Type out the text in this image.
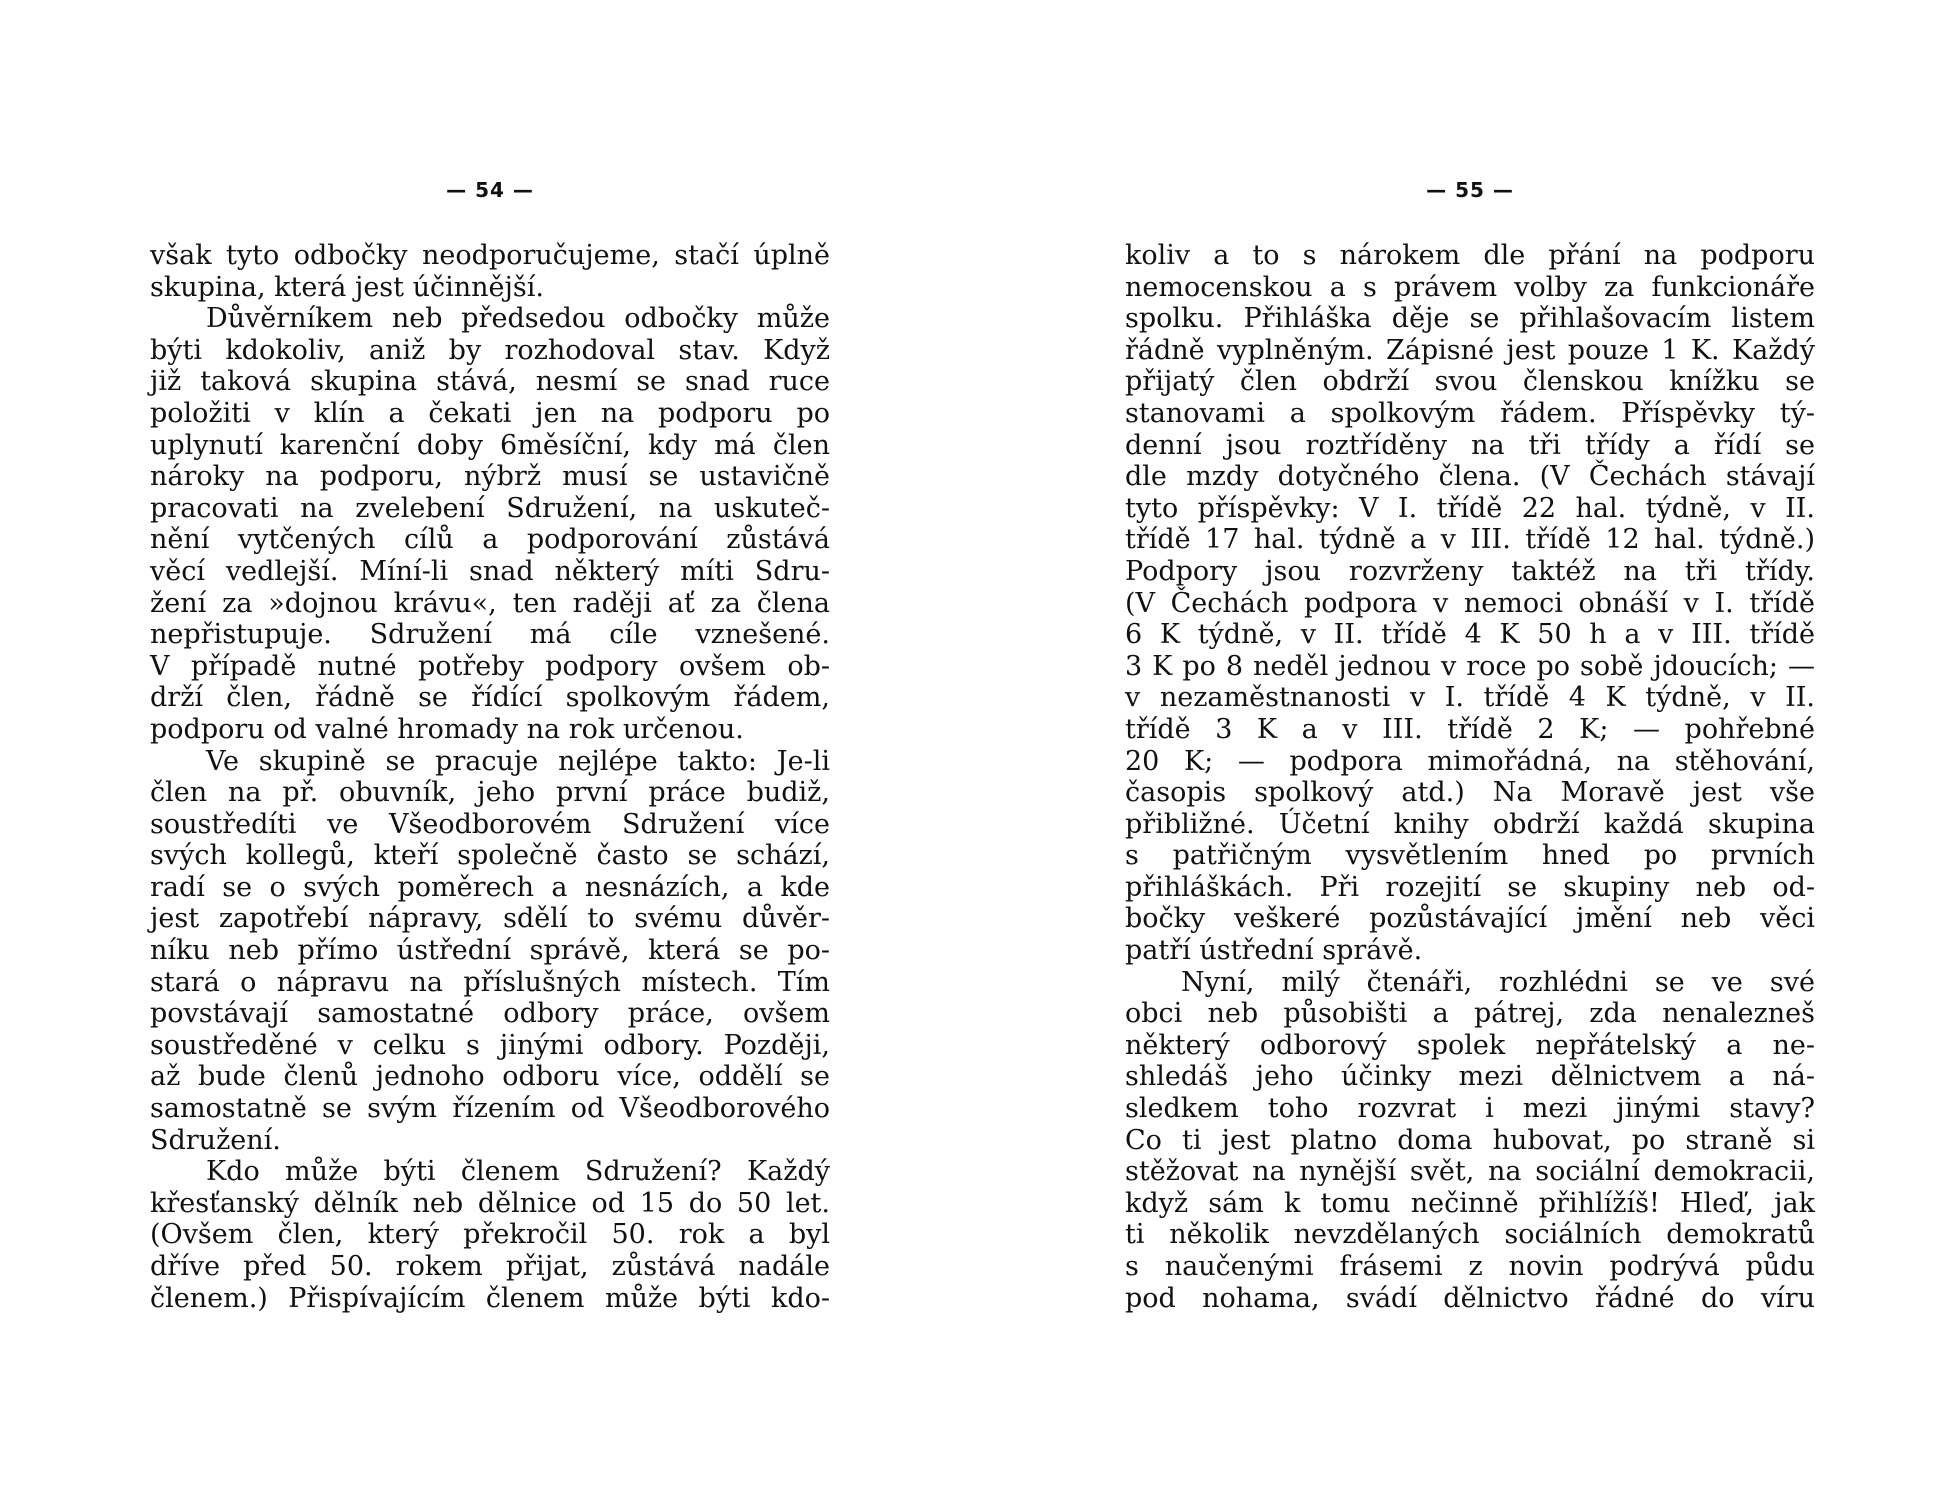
— 54 —
však tyto odbočky neodporučujeme, stačí úplně
skupina, která jest účinnější.
Důvěrníkem neb předsedou odbočky může
býti kdokoliv, aniž by rozhodoval stav. Když
již taková skupina stává, nesmí se snad ruce
položiti v klín a čekati jen na podporu po
uplynutí karenční doby 6měsíční, kdy má člen
nároky na podporu, nýbrž musí se ustavičně
pracovati na zvelebení Sdružení, na uskuteč-
nění vytčených cílů a podporování zůstává
věcí vedlejší. Míní-li snad některý míti Sdru-
žení za »dojnou krávu«, ten raději ať za člena
nepřistupuje. Sdružení má cíle vznešené.
V případě nutné potřeby podpory ovšem ob-
drží člen, řádně se řídící spolkovým řádem,
podporu od valné hromady na rok určenou.
Ve skupině se pracuje nejlépe takto: Je-li
člen na př. obuvník, jeho první práce budiž,
soustředíti ve Všeodborovém Sdružení více
svých kollegů, kteří společně často se schází,
radí se o svých poměrech a nesnázích, a kde
jest zapotřebí nápravy, sdělí to svému důvěr-
níku neb přímo ústřední správě, která se po-
stará o nápravu na příslušných místech. Tím
povstávají samostatné odbory práce, ovšem
soustředěné v celku s jinými odbory. Později,
až bude členů jednoho odboru více, oddělí se
samostatně se svým řízením od Všeodborového
Sdružení.
Kdo může býti členem Sdružení? Každý
křesťanský dělník neb dělnice od 15 do 50 let.
(Ovšem člen, který překročil 50. rok a byl
dříve před 50. rokem přijat, zůstává nadále
členem.) Přispívajícím členem může býti kdo-
— 55 —
koliv a to s nárokem dle přání na podporu
nemocenskou a s právem volby za funkcionáře
spolku. Přihláška děje se přihlašovacím listem
řádně vyplněným. Zápisné jest pouze 1 K. Každý
přijatý člen obdrží svou členskou knížku se
stanovami a spolkovým řádem. Příspěvky tý-
denní jsou roztříděny na tři třídy a řídí se
dle mzdy dotyčného člena. (V Čechách stávají
tyto příspěvky: V I. třídě 22 hal. týdně, v II.
třídě 17 hal. týdně a v III. třídě 12 hal. týdně.)
Podpory jsou rozvrženy taktéž na tři třídy.
(V Čechách podpora v nemoci obnáší v I. třídě
6 K týdně, v II. třídě 4 K 50 h a v III. třídě
3 K po 8 neděl jednou v roce po sobě jdoucích; —
v nezaměstnanosti v I. třídě 4 K týdně, v II.
třídě 3 K a v III. třídě 2 K; — pohřebné
20 K; — podpora mimořádná, na stěhování,
časopis spolkový atd.) Na Moravě jest vše
přibližné. Účetní knihy obdrží každá skupina
s patřičným vysvětlením hned po prvních
přihláškách. Při rozejití se skupiny neb od-
bočky veškeré pozůstávající jmění neb věci
patří ústřední správě.
Nyní, milý čtenáři, rozhlédni se ve své
obci neb působišti a pátrej, zda nenalezneš
některý odborový spolek nepřátelský a ne-
shledáš jeho účinky mezi dělnictvem a ná-
sledkem toho rozvrat i mezi jinými stavy?
Co ti jest platno doma hubovat, po straně si
stěžovat na nynější svět, na sociální demokracii,
když sám k tomu nečinně přihlížíš! Hleď, jak
ti několik nevzdělaných sociálních demokratů
s naučenými frásemi z novin podrývá půdu
pod nohama, svádí dělnictvo řádné do víru
